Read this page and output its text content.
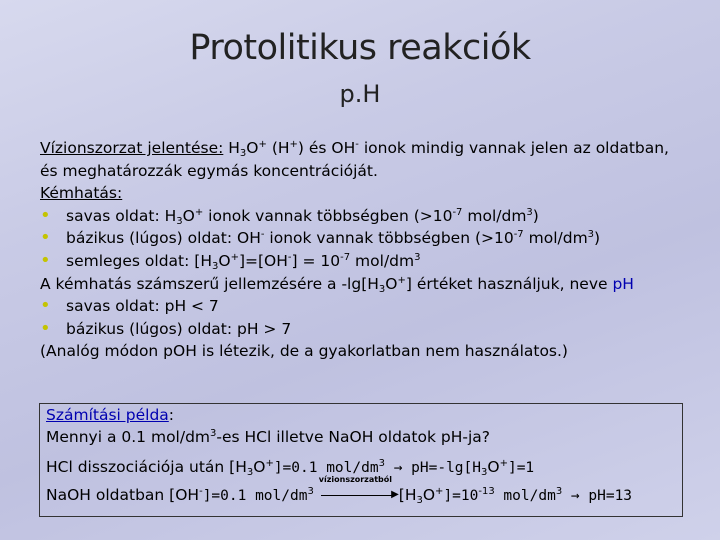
Protolitikus reakciók
p.H
Vízionszorzat jelentése: $H_3O^+$ (H+) és OH- ionok mindig vannak jelen az oldatban,
és meghatározzák egymás koncentrációját.
Kémhatás:
• savas oldat: $H_3O^+$ ionok vannak többségben ($>10^{-7}$ mol/$dm^3$)
• bázikus (lúgos) oldat: OH- ionok vannak többségben ($>10^{-7}$ mol/$dm^3$)
• semleges oldat: $[H_3O^+]=[OH^-] = 10^{-7}$ mol/$dm^3$
A kémhatás számszerű jellemzésére a $-\lg[H_3O^+]$ értéket használjuk, neve pH
• savas oldat: pH < 7
• bázikus (lúgos) oldat: pH > 7
(Analóg módon pOH is létezik, de a gyakorlatban nem használatos.)
Számítási példa:
Mennyi a 0.1 mol/$dm^3-es$ HCl illetve NaOH oldatok pH-ja?
HCl disszociációja után $[H_3O^+]=0.1$ mol/$dm^3 \to pH=-\lg[H_3O^+]=1$
NaOH oldatban [OH-]=0.1 mol/$dm^3$
vízionszorzatból
▶ $[H_3O^+]=10^{-13}$ mol/$dm^3 \to pH=13$
